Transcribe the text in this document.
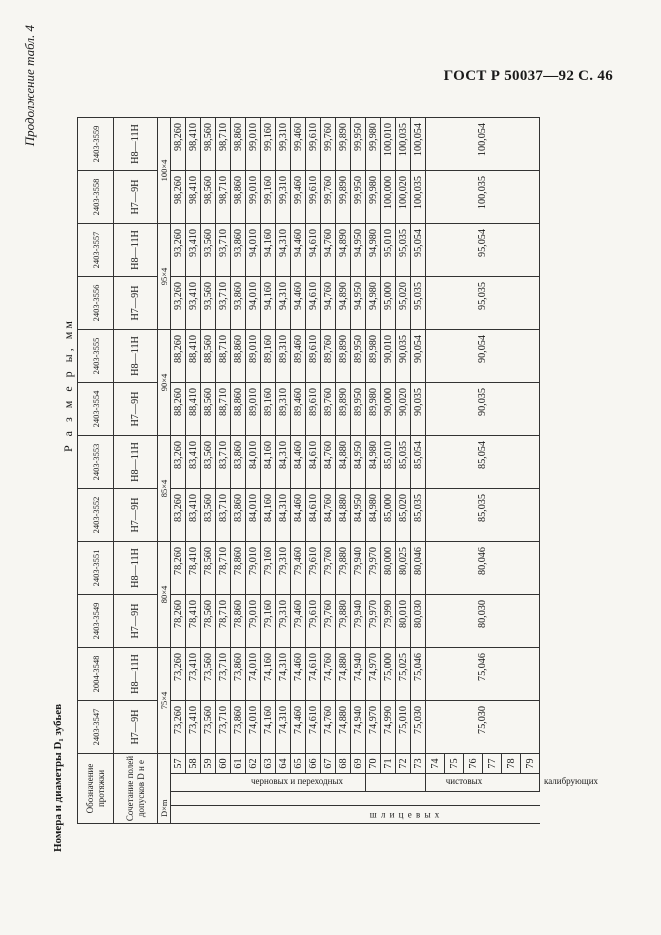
ГОСТ Р 50037—92 С. 46
Продолжение табл. 4
Номера и диаметры D₁ зубьев
Р а з м е р ы, мм
Обозначение протяжки				2403-3547	2004-3548	2403-3549	2403-3551	2403-3552	2403-3553	2403-3554	2403-3555	2403-3556	2403-3557	2403-3558	2403-3559
Сочетание полей допусков D н е				H7—9H	H8—11H	H7—9H	H8—11H	H7—9H	H8—11H	H7—9H	H8—11H	H7—9H	H8—11H	H7—9H	H8—11H
D×m				75×4		80×4		85×4		90×4		95×4		100×4	
			57	73,260	73,260	78,260	78,260	83,260	83,260	88,260	88,260	93,260	93,260	98,260	98,260
			58	73,410	73,410	78,410	78,410	83,410	83,410	88,410	88,410	93,410	93,410	98,410	98,410
			59	73,560	73,560	78,560	78,560	83,560	83,560	88,560	88,560	93,560	93,560	98,560	98,560
			60	73,710	73,710	78,710	78,710	83,710	83,710	88,710	88,710	93,710	93,710	98,710	98,710
			61	73,860	73,860	78,860	78,860	83,860	83,860	88,860	88,860	93,860	93,860	98,860	98,860
			62	74,010	74,010	79,010	79,010	84,010	84,010	89,010	89,010	94,010	94,010	99,010	99,010
			63	74,160	74,160	79,160	79,160	84,160	84,160	89,160	89,160	94,160	94,160	99,160	99,160
			64	74,310	74,310	79,310	79,310	84,310	84,310	89,310	89,310	94,310	94,310	99,310	99,310
			65	74,460	74,460	79,460	79,460	84,460	84,460	89,460	89,460	94,460	94,460	99,460	99,460
			66	74,610	74,610	79,610	79,610	84,610	84,610	89,610	89,610	94,610	94,610	99,610	99,610
			67	74,760	74,760	79,760	79,760	84,760	84,760	89,760	89,760	94,760	94,760	99,760	99,760
			68	74,880	74,880	79,880	79,880	84,880	84,880	89,890	89,890	94,890	94,890	99,890	99,890
			69	74,940	74,940	79,940	79,940	84,950	84,950	89,950	89,950	94,950	94,950	99,950	99,950
			70	74,970	74,970	79,970	79,970	84,980	84,980	89,980	89,980	94,980	94,980	99,980	99,980
			71	74,990	75,000	79,990	80,000	85,000	85,010	90,000	90,010	95,000	95,010	100,000	100,010
			72	75,010	75,025	80,010	80,025	85,020	85,035	90,020	90,035	95,020	95,035	100,020	100,035
			73	75,030	75,046	80,030	80,046	85,035	85,054	90,035	90,054	95,035	95,054	100,035	100,054
			74	75,030	75,046	80,030	80,046	85,035	85,054	90,035	90,054	95,035	95,054	100,035	100,054
			75												
			76												
			77												
			78												
			79												
ш л и ц е в ы х
черновых и переходных	чистовых	калибрующих
